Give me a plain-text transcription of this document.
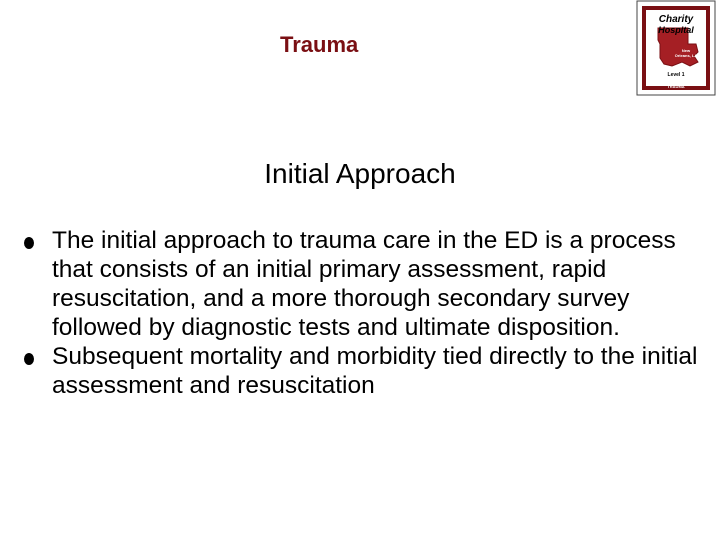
Trauma
Charity
Hospital
New
Orleans, LA
Level 1
TRAUMA
Initial Approach
The initial approach to trauma care in the ED is a process that consists of an initial primary assessment, rapid resuscitation, and a more thorough secondary survey followed by diagnostic tests and ultimate disposition.
Subsequent mortality and morbidity tied directly to the initial assessment and resuscitation
